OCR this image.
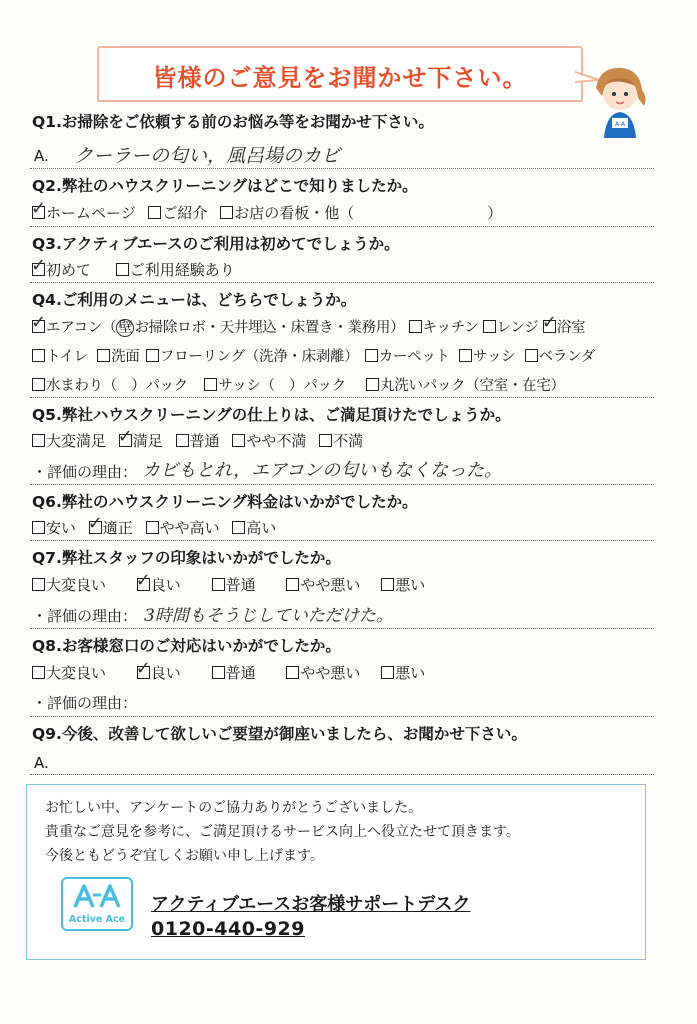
皆様のご意見をお聞かせ下さい。
A-A
Q1.お掃除をご依頼する前のお悩み等をお聞かせ下さい。
A. クーラーの匂い，風呂場のカビ
Q2.弊社のハウスクリーニングはどこで知りましたか。
✓ ホームページ ご紹介 お店の看板・他（	）
Q3.アクティブエースのご利用は初めてでしょうか。
✓ 初めて	ご利用経験あり
Q4.ご利用のメニューは、どちらでしょうか。
✓ エアコン（ 壁 お掃除ロボ・天井埋込・床置き・業務用） キッチン レンジ ✓ 浴室
トイレ 洗面 フローリング（洗浄・床剥離） カーペット サッシ ベランダ
水まわり（　）パック サッシ（　）パック 丸洗いパック（空室・在宅）
Q5.弊社ハウスクリーニングの仕上りは、ご満足頂けたでしょうか。
大変満足 ✓ 満足 普通 やや不満 不満
・評価の理由： カビもとれ，エアコンの匂いもなくなった。
Q6.弊社のハウスクリーニング料金はいかがでしたか。
安い ✓ 適正 やや高い 高い
Q7.弊社スタッフの印象はいかがでしたか。
大変良い ✓ 良い	普通	やや悪い 悪い
・評価の理由： 3時間もそうじしていただけた。
Q8.お客様窓口のご対応はいかがでしたか。
大変良い ✓ 良い	普通	やや悪い 悪い
・評価の理由：
Q9.今後、改善して欲しいご要望が御座いましたら、お聞かせ下さい。
A.

お忙しい中、アンケートのご協力ありがとうございました。

貴重なご意見を参考に、ご満足頂けるサービス向上へ役立たせて頂きます。

今後ともどうぞ宜しくお願い申し上げます。

Active Ace
アクティブエースお客様サポートデスク
0120-440-929
